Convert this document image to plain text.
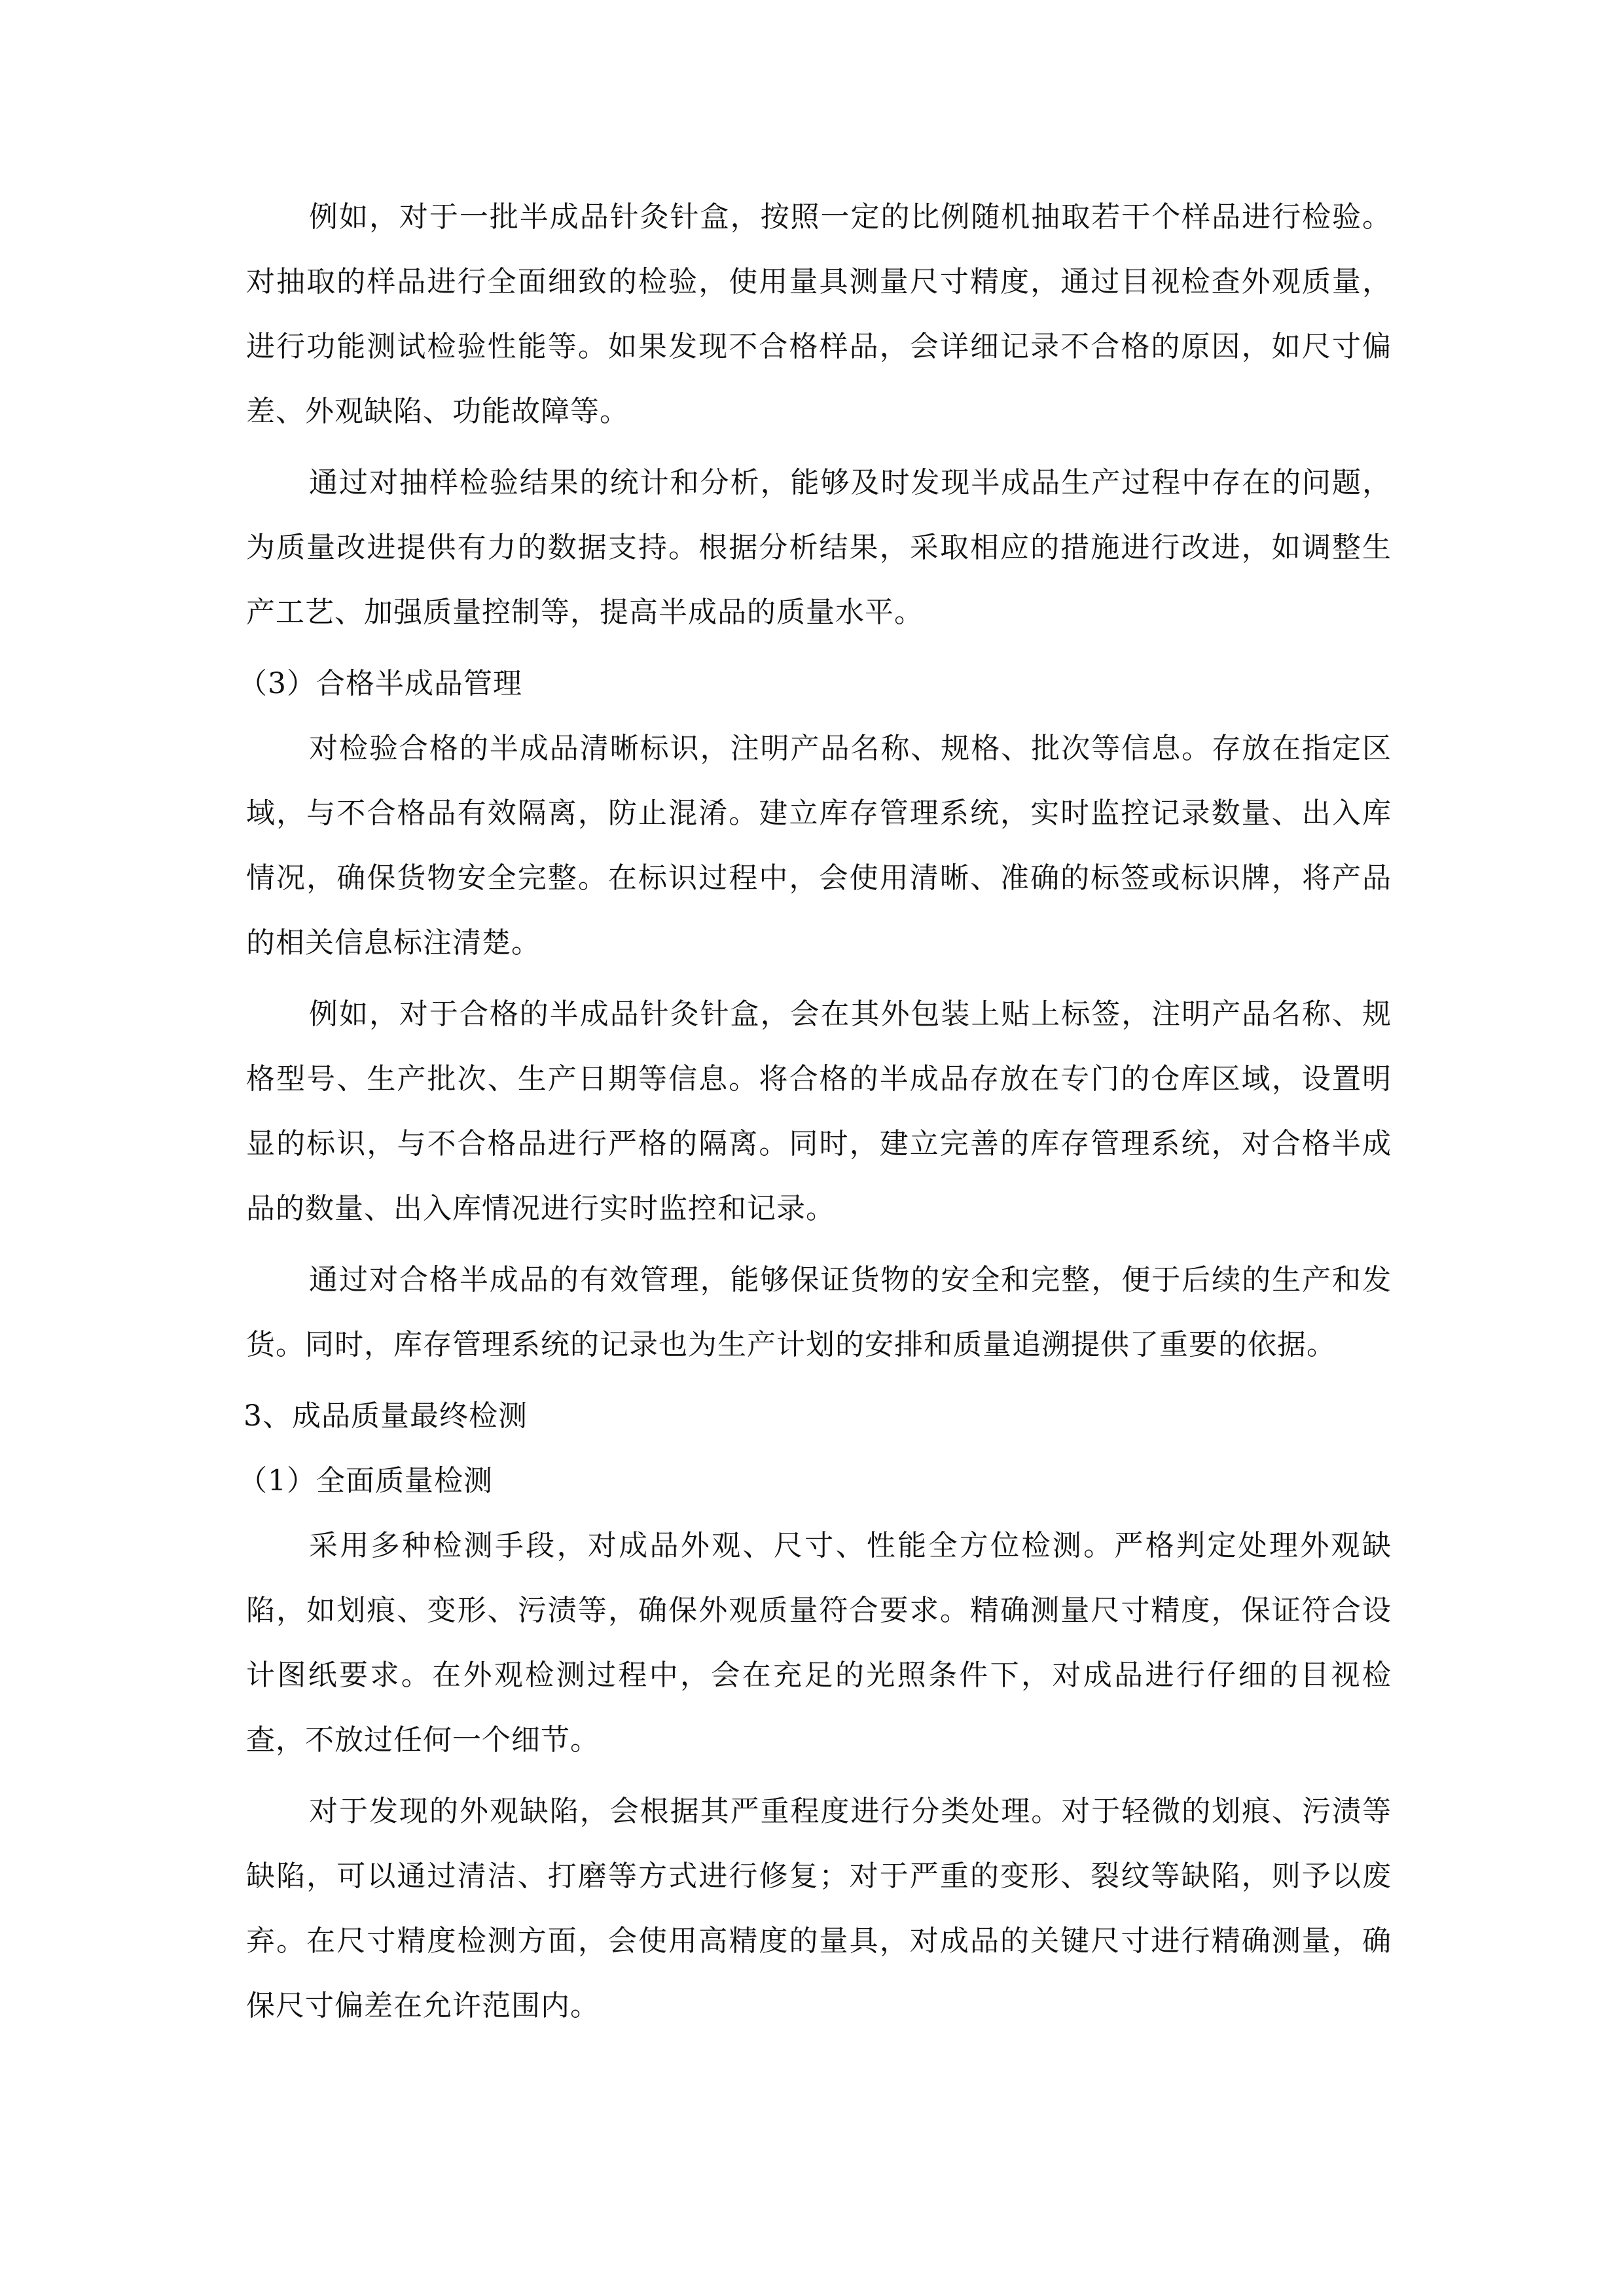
例如，对于一批半成品针灸针盒，按照一定的比例随机抽取若干个样品进行检验。对抽取的样品进行全面细致的检验，使用量具测量尺寸精度，通过目视检查外观质量，进行功能测试检验性能等。如果发现不合格样品，会详细记录不合格的原因，如尺寸偏差、外观缺陷、功能故障等。

通过对抽样检验结果的统计和分析，能够及时发现半成品生产过程中存在的问题，为质量改进提供有力的数据支持。根据分析结果，采取相应的措施进行改进，如调整生产工艺、加强质量控制等，提高半成品的质量水平。

（3）合格半成品管理

对检验合格的半成品清晰标识，注明产品名称、规格、批次等信息。存放在指定区域，与不合格品有效隔离，防止混淆。建立库存管理系统，实时监控记录数量、出入库情况，确保货物安全完整。在标识过程中，会使用清晰、准确的标签或标识牌，将产品的相关信息标注清楚。

例如，对于合格的半成品针灸针盒，会在其外包装上贴上标签，注明产品名称、规格型号、生产批次、生产日期等信息。将合格的半成品存放在专门的仓库区域，设置明显的标识，与不合格品进行严格的隔离。同时，建立完善的库存管理系统，对合格半成品的数量、出入库情况进行实时监控和记录。

通过对合格半成品的有效管理，能够保证货物的安全和完整，便于后续的生产和发货。同时，库存管理系统的记录也为生产计划的安排和质量追溯提供了重要的依据。

3、成品质量最终检测

（1）全面质量检测

采用多种检测手段，对成品外观、尺寸、性能全方位检测。严格判定处理外观缺陷，如划痕、变形、污渍等，确保外观质量符合要求。精确测量尺寸精度，保证符合设计图纸要求。在外观检测过程中，会在充足的光照条件下，对成品进行仔细的目视检查，不放过任何一个细节。

对于发现的外观缺陷，会根据其严重程度进行分类处理。对于轻微的划痕、污渍等缺陷，可以通过清洁、打磨等方式进行修复；对于严重的变形、裂纹等缺陷，则予以废弃。在尺寸精度检测方面，会使用高精度的量具，对成品的关键尺寸进行精确测量，确保尺寸偏差在允许范围内。
